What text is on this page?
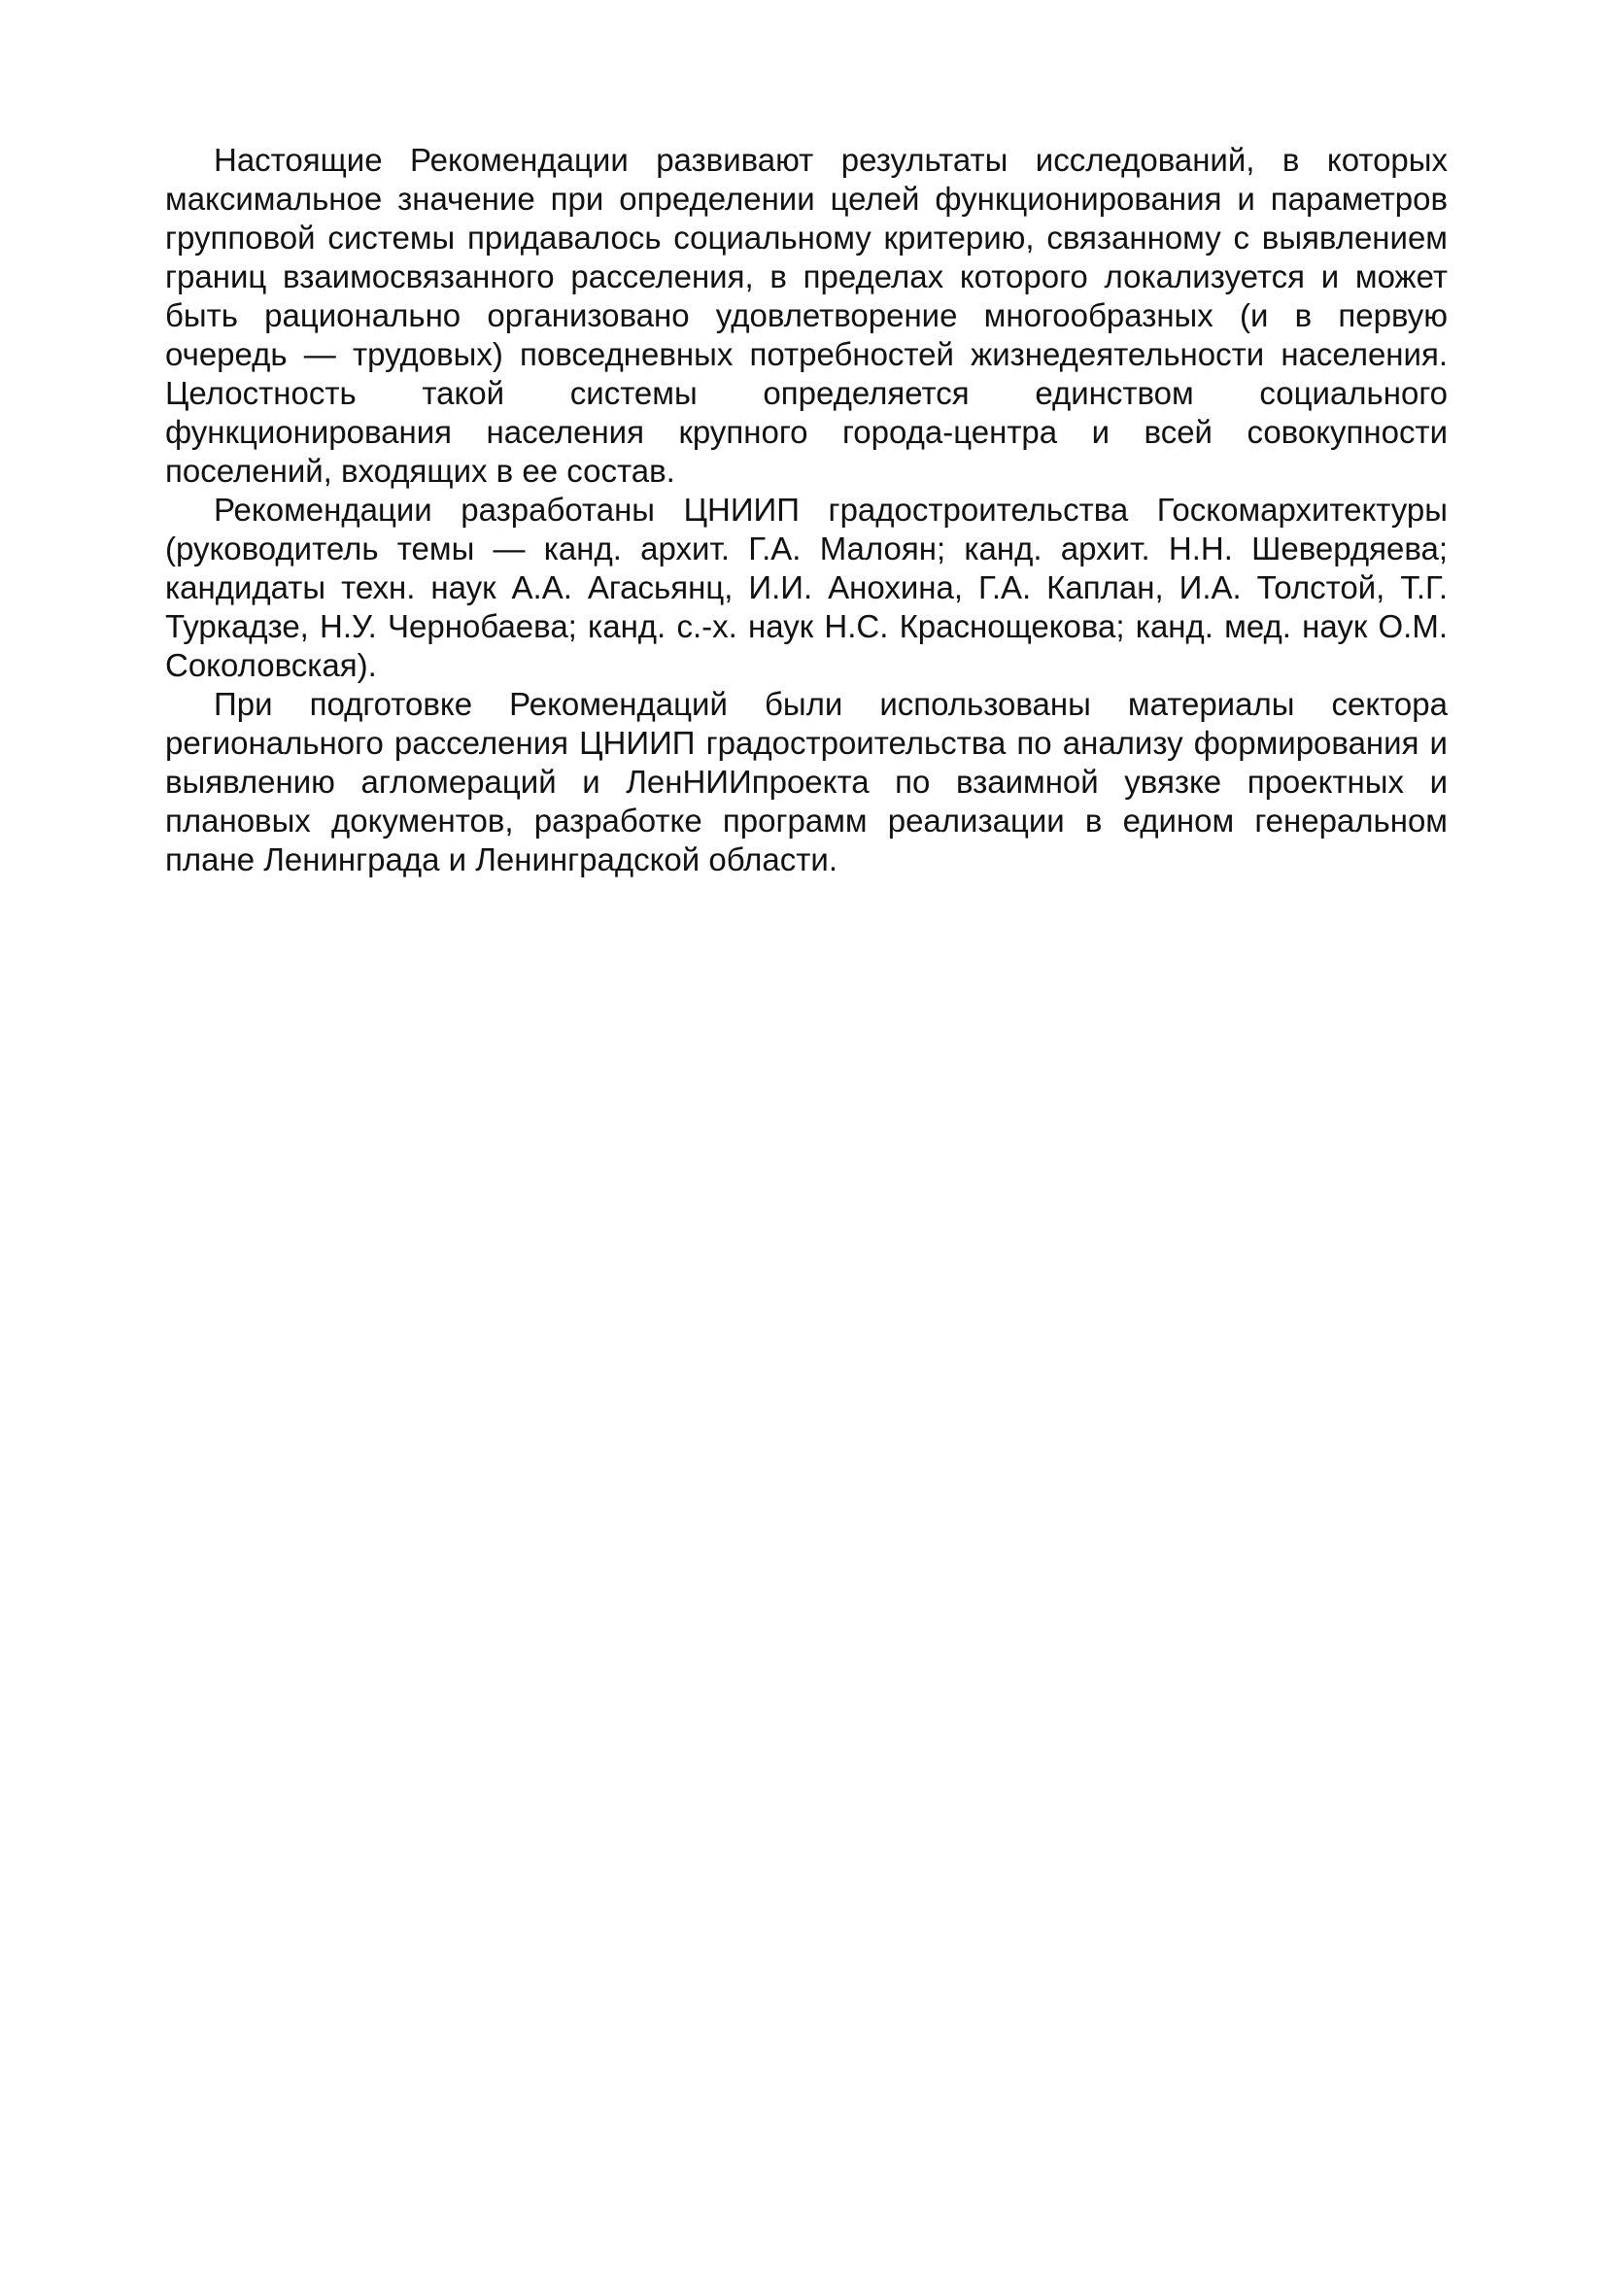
Настоящие Рекомендации развивают результаты исследований, в которых максимальное значение при определении целей функционирования и параметров групповой системы придавалось социальному критерию, связанному с выявлением границ взаимосвязанного расселения, в пределах которого локализуется и может быть рационально организовано удовлетворение многообразных (и в первую очередь — трудовых) повседневных потребностей жизнедеятельности населения. Целостность такой системы определяется единством социального функционирования населения крупного города-центра и всей совокупности поселений, входящих в ее состав.

Рекомендации разработаны ЦНИИП градостроительства Госкомархитектуры (руководитель темы — канд. архит. Г.А. Малоян; канд. архит. Н.Н. Шевердяева; кандидаты техн. наук А.А. Агасьянц, И.И. Анохина, Г.А. Каплан, И.А. Толстой, Т.Г. Туркадзе, Н.У. Чернобаева; канд. с.-х. наук Н.С. Краснощекова; канд. мед. наук О.М. Соколовская).

При подготовке Рекомендаций были использованы материалы сектора регионального расселения ЦНИИП градостроительства по анализу формирования и выявлению агломераций и ЛенНИИпроекта по взаимной увязке проектных и плановых документов, разработке программ реализации в едином генеральном плане Ленинграда и Ленинградской области.
